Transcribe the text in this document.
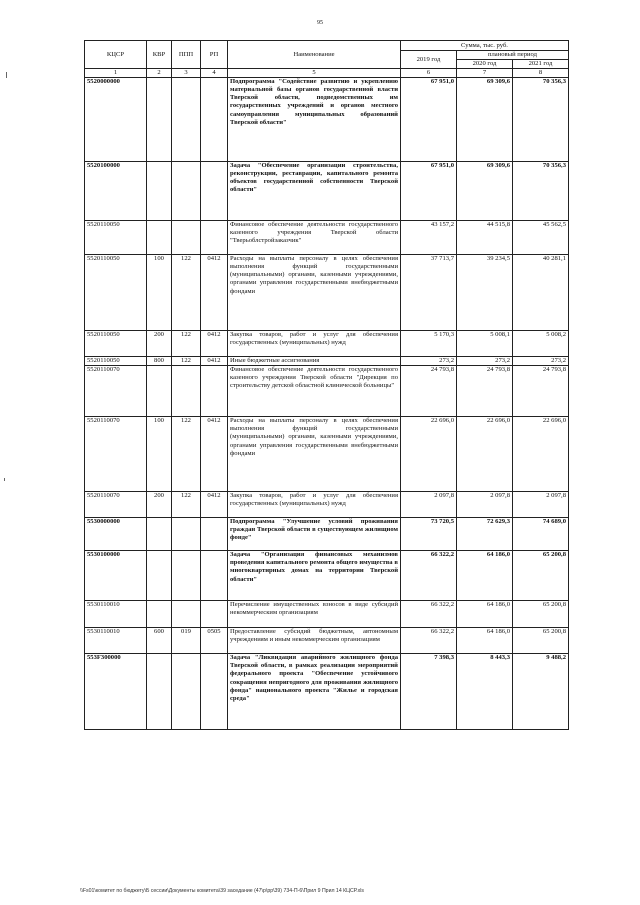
95
КЦСР	КВР	ППП	РП	Наименование	Сумма, тыс. руб.		
					2019 год	плановый период	
						2020 год	2021 год
1	2	3	4	5	6	7	8
5520000000				Подпрограмма "Содействие развитию и укреплению материальной базы органов государственной власти Тверской области, подведомственных им государственных учреждений и органов местного самоуправления муниципальных образований Тверской области"	67 951,0	69 309,6	70 356,3
5520100000				Задача "Обеспечение организации строительства, реконструкции, реставрации, капитального ремонта объектов государственной собственности Тверской области"	67 951,0	69 309,6	70 356,3
5520110050				Финансовое обеспечение деятельности государственного казенного учреждения Тверской области "Тверьоблстройзаказчик"	43 157,2	44 515,8	45 562,5
5520110050	100	122	0412	Расходы на выплаты персоналу в целях обеспечения выполнения функций государственными (муниципальными) органами, казенными учреждениями, органами управления государственными внебюджетными фондами	37 713,7	39 234,5	40 281,1
5520110050	200	122	0412	Закупка товаров, работ и услуг для обеспечения государственных (муниципальных) нужд	5 170,3	5 008,1	5 008,2
5520110050	800	122	0412	Иные бюджетные ассигнования	273,2	273,2	273,2
5520110070				Финансовое обеспечение деятельности государственного казенного учреждения Тверской области "Дирекция по строительству детской областной клинической больницы"	24 793,8	24 793,8	24 793,8
5520110070	100	122	0412	Расходы на выплаты персоналу в целях обеспечения выполнения функций государственными (муниципальными) органами, казенными учреждениями, органами управления государственными внебюджетными фондами	22 696,0	22 696,0	22 696,0
5520110070	200	122	0412	Закупка товаров, работ и услуг для обеспечения государственных (муниципальных) нужд	2 097,8	2 097,8	2 097,8
5530000000				Подпрограмма "Улучшение условий проживания граждан Тверской области в существующем жилищном фонде"	73 720,5	72 629,3	74 689,0
5530100000				Задача "Организация финансовых механизмов проведения капитального ремонта общего имущества в многоквартирных домах на территории Тверской области"	66 322,2	64 186,0	65 200,8
5530110010				Перечисление имущественных взносов в виде субсидий некоммерческим организациям	66 322,2	64 186,0	65 200,8
5530110010	600	019	0505	Предоставление субсидий бюджетным, автономным учреждениям и иным некоммерческим организациям	66 322,2	64 186,0	65 200,8
553F300000				Задача "Ликвидация аварийного жилищного фонда Тверской области, в рамках реализации мероприятий федерального проекта "Обеспечение устойчивого сокращения непригодного для проживания жилищного фонда" национального проекта "Жилье и городская среда"	7 398,3	8 443,3	9 488,2
\\Fs01\комитет по бюджету\Б сессии\Документы комитета\39 заседание (47\р\рр\39) 734-П-6\Прил 9 Прил 14 КЦСР.xls
